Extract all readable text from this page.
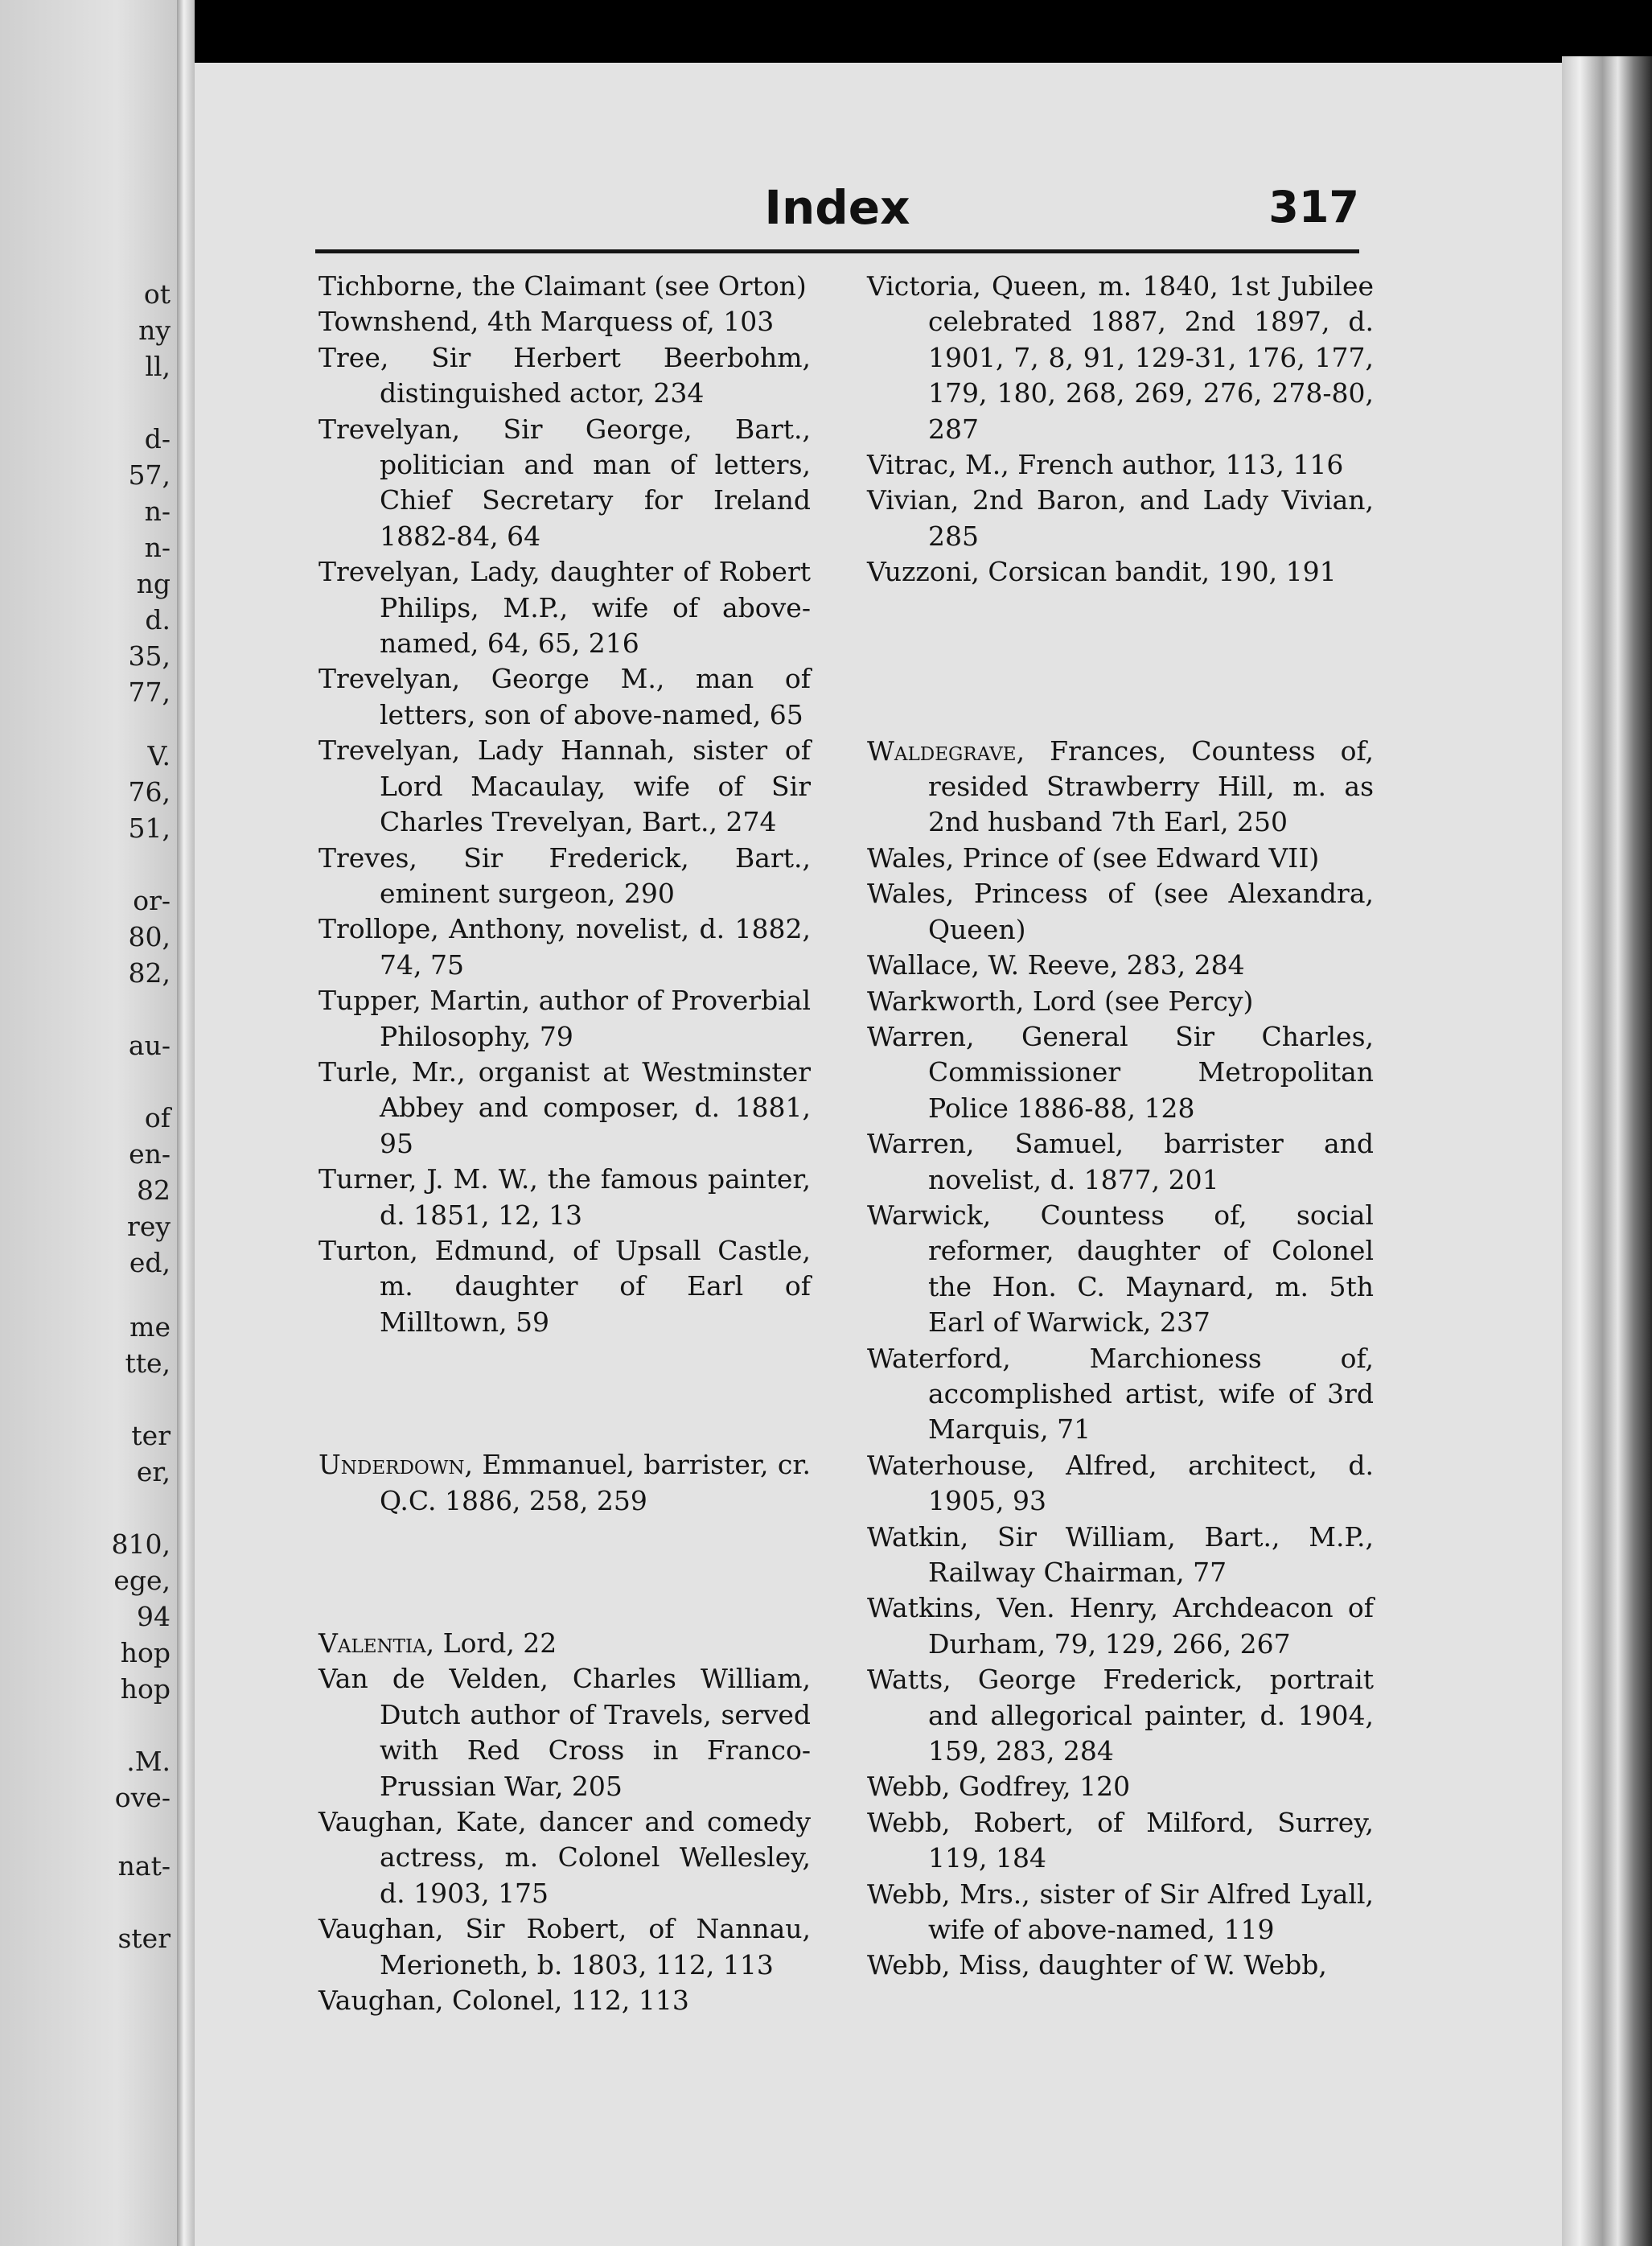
ot
ny
ll,
d-
57,
n-
n-
ng
d.
35,
77,
V.
76,
51,
or-
80,
82,
au-
of
en-
82
rey
ed,
me
tte,
ter
er,
810,
ege,
94
hop
hop
.M.
ove-
nat-
ster
Index	317
Tichborne, the Claimant (see Orton)
Townshend, 4th Marquess of, 103
Tree, Sir Herbert Beerbohm, distinguished actor, 234
Trevelyan, Sir George, Bart., politician and man of letters, Chief Secretary for Ireland 1882-84, 64
Trevelyan, Lady, daughter of Robert Philips, M.P., wife of above-named, 64, 65, 216
Trevelyan, George M., man of letters, son of above-named, 65
Trevelyan, Lady Hannah, sister of Lord Macaulay, wife of Sir Charles Trevelyan, Bart., 274
Treves, Sir Frederick, Bart., eminent surgeon, 290
Trollope, Anthony, novelist, d. 1882, 74, 75
Tupper, Martin, author of Proverbial Philosophy, 79
Turle, Mr., organist at Westminster Abbey and composer, d. 1881, 95
Turner, J. M. W., the famous painter, d. 1851, 12, 13
Turton, Edmund, of Upsall Castle, m. daughter of Earl of Milltown, 59
Underdown, Emmanuel, barrister, cr. Q.C. 1886, 258, 259
Valentia, Lord, 22
Van de Velden, Charles William, Dutch author of Travels, served with Red Cross in Franco-Prussian War, 205
Vaughan, Kate, dancer and comedy actress, m. Colonel Wellesley, d. 1903, 175
Vaughan, Sir Robert, of Nannau, Merioneth, b. 1803, 112, 113
Vaughan, Colonel, 112, 113
Victoria, Queen, m. 1840, 1st Jubilee celebrated 1887, 2nd 1897, d. 1901, 7, 8, 91, 129-31, 176, 177, 179, 180, 268, 269, 276, 278-80, 287
Vitrac, M., French author, 113, 116
Vivian, 2nd Baron, and Lady Vivian, 285
Vuzzoni, Corsican bandit, 190, 191
Waldegrave, Frances, Countess of, resided Strawberry Hill, m. as 2nd husband 7th Earl, 250
Wales, Prince of (see Edward VII)
Wales, Princess of (see Alexandra, Queen)
Wallace, W. Reeve, 283, 284
Warkworth, Lord (see Percy)
Warren, General Sir Charles, Commissioner Metropolitan Police 1886-88, 128
Warren, Samuel, barrister and novelist, d. 1877, 201
Warwick, Countess of, social reformer, daughter of Colonel the Hon. C. Maynard, m. 5th Earl of Warwick, 237
Waterford, Marchioness of, accomplished artist, wife of 3rd Marquis, 71
Waterhouse, Alfred, architect, d. 1905, 93
Watkin, Sir William, Bart., M.P., Railway Chairman, 77
Watkins, Ven. Henry, Archdeacon of Durham, 79, 129, 266, 267
Watts, George Frederick, portrait and allegorical painter, d. 1904, 159, 283, 284
Webb, Godfrey, 120
Webb, Robert, of Milford, Surrey, 119, 184
Webb, Mrs., sister of Sir Alfred Lyall, wife of above-named, 119
Webb, Miss, daughter of W. Webb,
